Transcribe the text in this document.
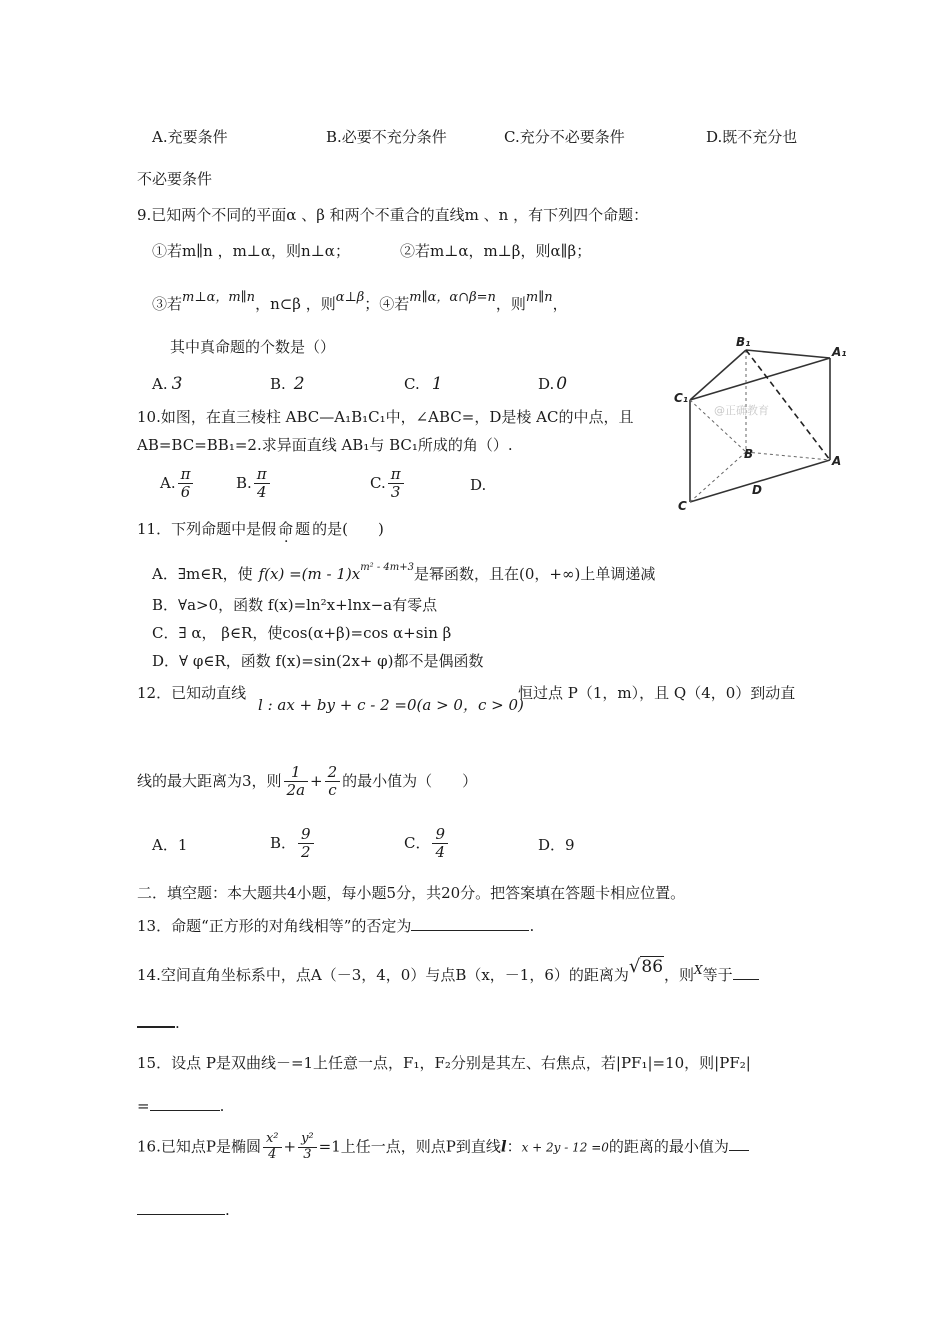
A.充要条件	B.必要不充分条件	C.充分不必要条件	D.既不充分也
不必要条件
9.已知两个不同的平面α 、β 和两个不重合的直线m 、n ，有下列四个命题：
①若m∥n ，m⊥α，则n⊥α；	②若m⊥α，m⊥β，则α∥β；
③若$^{m\perp\alpha,m\parallel n}$，n⊂β ，则$^{\alpha\perp\beta}$；④若$^{m\parallel\alpha,\alpha\cap\beta=n}$，则$^{m\parallel n}$，
其中真命题的个数是（）
A. 3	B. 2	C. 1	D. 0
10.如图，在直三棱柱 ABC—A₁B₁C₁中，∠ABC=，D是棱 AC的中点，且
AB=BC=BB₁=2.求异面直线 AB₁与 BC₁所成的角（）.
A. $\frac{\pi}{6}$	B. $\frac{\pi}{4}$	C. $\frac{\pi}{3}$	D.
B₁
A₁
C₁
B	A
C
D
@正确教育
11．下列命题中是假命题的是(　　)
A．∃m∈R，使 $f(x) =(m - 1)x^{m^2 - 4m+3}$是幂函数，且在(0，+∞)上单调递减
B．∀a>0，函数 f(x)=ln²x+lnx−a有零点
C．∃ α， β∈R，使cos(α+β)=cos α+sin β
D．∀ φ∈R，函数 f(x)=sin(2x+ φ)都不是偶函数
12．已知动直线
l : ax + by + c - 2 =0(a > 0，c > 0)
恒过点 P（1，m），且 Q（4，0）到动直
线的最大距离为3，则 $\frac{1}{2a} + \frac{2}{c}$ 的最小值为（　　）
A．1	B． $\frac{9}{2}$	C． $\frac{9}{4}$	D．9
二．填空题：本大题共4小题，每小题5分，共20分。把答案填在答题卡相应位置。
13．命题“正方形的对角线相等”的否定为	.
14.空间直角坐标系中，点A（－3，4，0）与点B（x，－1，6）的距离为√86，则$^X$等于
.
15．设点 P是双曲线－=1上任意一点，F₁，F₂分别是其左、右焦点，若|PF₁|=10，则|PF₂|
=	.
16.已知点P是椭圆 $\frac{\text{x²}}{4} + \frac{\text{y²}}{3} =1$上任一点，则点P到直线l：x + 2y - 12 =0的距离的最小值为
.
